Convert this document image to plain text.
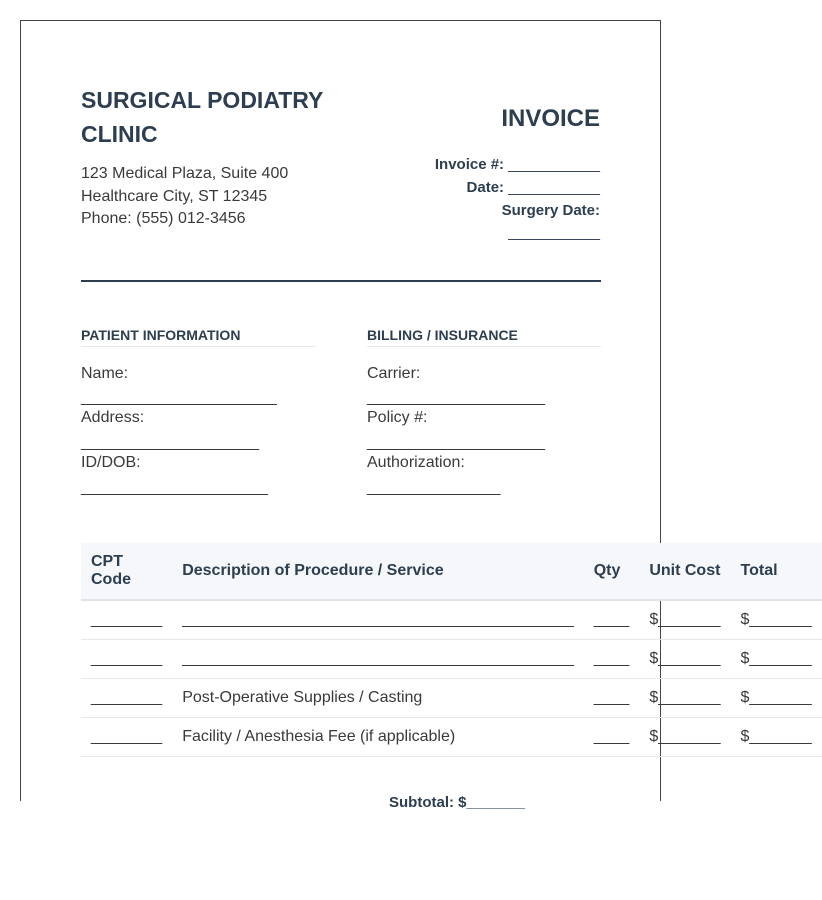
SURGICAL PODIATRY CLINIC
123 Medical Plaza, Suite 400
Healthcare City, ST 12345
Phone: (555) 012-3456
INVOICE
Invoice #: ___________
Date: ___________
Surgery Date:
___________
PATIENT INFORMATION
Name:
______________________
Address:
____________________
ID/DOB:
_____________________
BILLING / INSURANCE
Carrier:
____________________
Policy #:
____________________
Authorization:
_______________
CPT
Code	Description of Procedure / Service	Qty	Unit Cost	Total
________	____________________________________________	____	$_______	$_______
________	____________________________________________	____	$_______	$_______
________	Post-Operative Supplies / Casting	____	$_______	$_______
________	Facility / Anesthesia Fee (if applicable)	____	$_______	$_______
Subtotal: $_______
